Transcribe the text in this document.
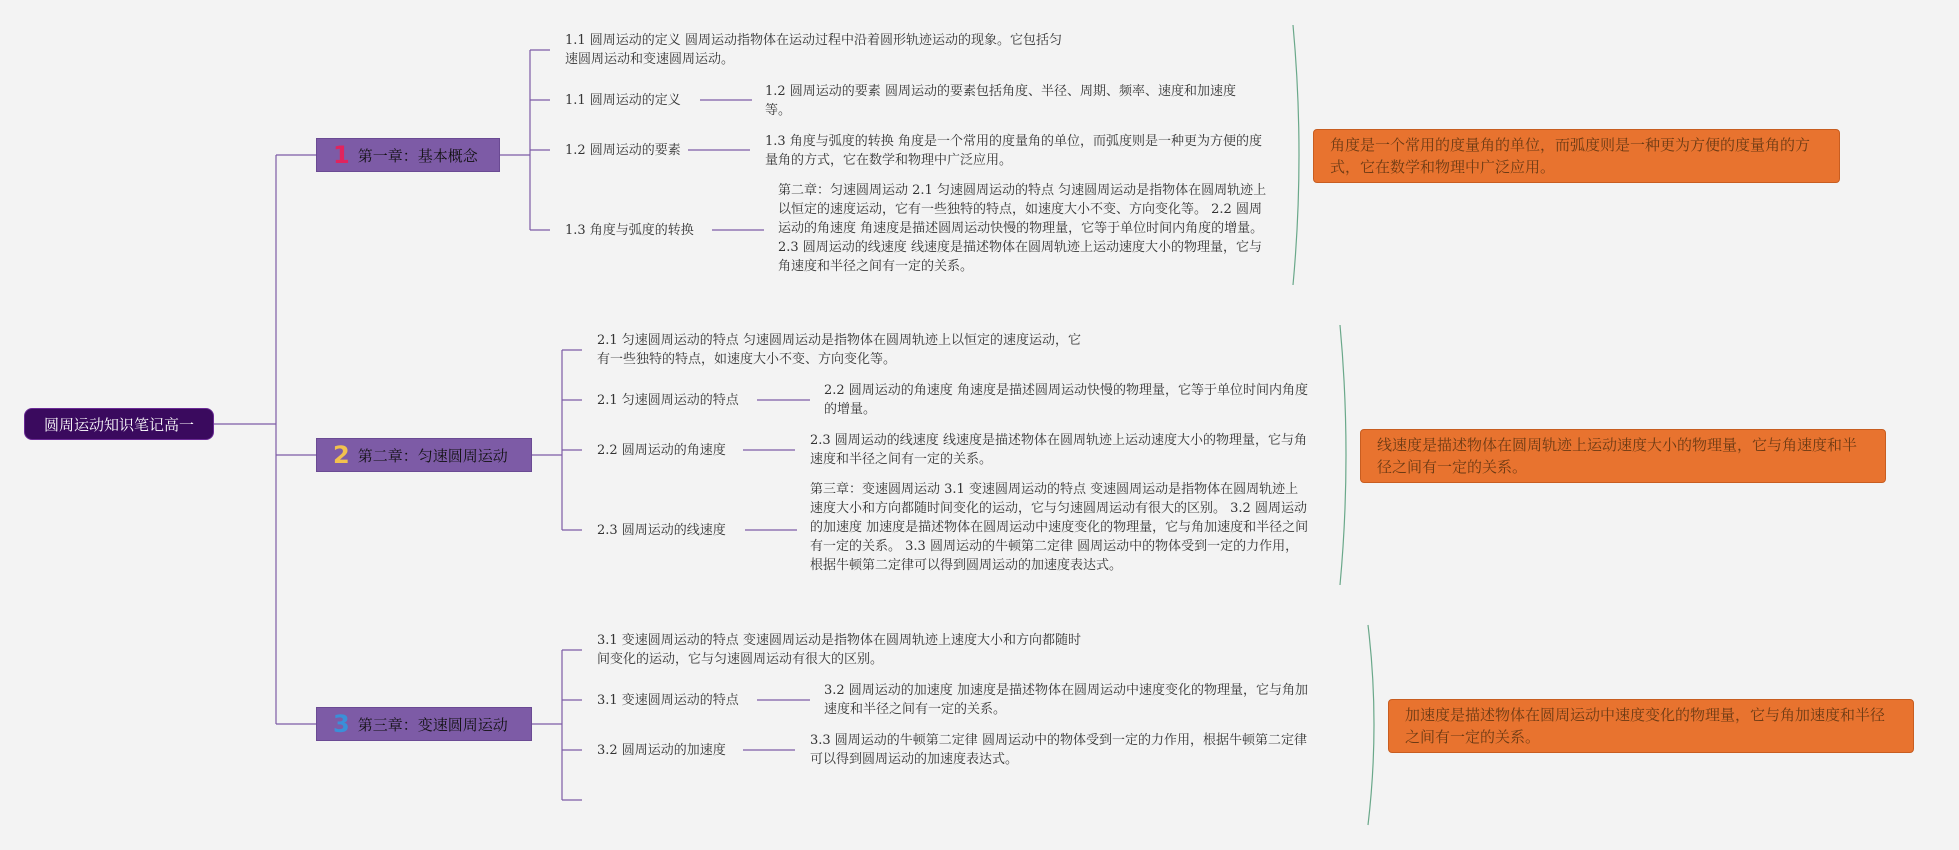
圆周运动知识笔记高一
1 第一章：基本概念
1.1 圆周运动的定义 圆周运动指物体在运动过程中沿着圆形轨迹运动的现象。它包括匀速圆周运动和变速圆周运动。
1.1 圆周运动的定义
1.2 圆周运动的要素 圆周运动的要素包括角度、半径、周期、频率、速度和加速度等。
1.2 圆周运动的要素
1.3 角度与弧度的转换 角度是一个常用的度量角的单位，而弧度则是一种更为方便的度量角的方式，它在数学和物理中广泛应用。
1.3 角度与弧度的转换
第二章：匀速圆周运动 2.1 匀速圆周运动的特点 匀速圆周运动是指物体在圆周轨迹上以恒定的速度运动，它有一些独特的特点，如速度大小不变、方向变化等。 2.2 圆周运动的角速度 角速度是描述圆周运动快慢的物理量，它等于单位时间内角度的增量。 2.3 圆周运动的线速度 线速度是描述物体在圆周轨迹上运动速度大小的物理量，它与角速度和半径之间有一定的关系。
2 第二章：匀速圆周运动
2.1 匀速圆周运动的特点 匀速圆周运动是指物体在圆周轨迹上以恒定的速度运动，它有一些独特的特点，如速度大小不变、方向变化等。
2.1 匀速圆周运动的特点
2.2 圆周运动的角速度 角速度是描述圆周运动快慢的物理量，它等于单位时间内角度的增量。
2.2 圆周运动的角速度
2.3 圆周运动的线速度 线速度是描述物体在圆周轨迹上运动速度大小的物理量，它与角速度和半径之间有一定的关系。
2.3 圆周运动的线速度
第三章：变速圆周运动 3.1 变速圆周运动的特点 变速圆周运动是指物体在圆周轨迹上速度大小和方向都随时间变化的运动，它与匀速圆周运动有很大的区别。 3.2 圆周运动的加速度 加速度是描述物体在圆周运动中速度变化的物理量，它与角加速度和半径之间有一定的关系。 3.3 圆周运动的牛顿第二定律 圆周运动中的物体受到一定的力作用，根据牛顿第二定律可以得到圆周运动的加速度表达式。
3 第三章：变速圆周运动
3.1 变速圆周运动的特点 变速圆周运动是指物体在圆周轨迹上速度大小和方向都随时间变化的运动，它与匀速圆周运动有很大的区别。
3.1 变速圆周运动的特点
3.2 圆周运动的加速度 加速度是描述物体在圆周运动中速度变化的物理量，它与角加速度和半径之间有一定的关系。
3.2 圆周运动的加速度
3.3 圆周运动的牛顿第二定律 圆周运动中的物体受到一定的力作用，根据牛顿第二定律可以得到圆周运动的加速度表达式。
角度是一个常用的度量角的单位，而弧度则是一种更为方便的度量角的方式，它在数学和物理中广泛应用。
线速度是描述物体在圆周轨迹上运动速度大小的物理量，它与角速度和半径之间有一定的关系。
加速度是描述物体在圆周运动中速度变化的物理量，它与角加速度和半径之间有一定的关系。
